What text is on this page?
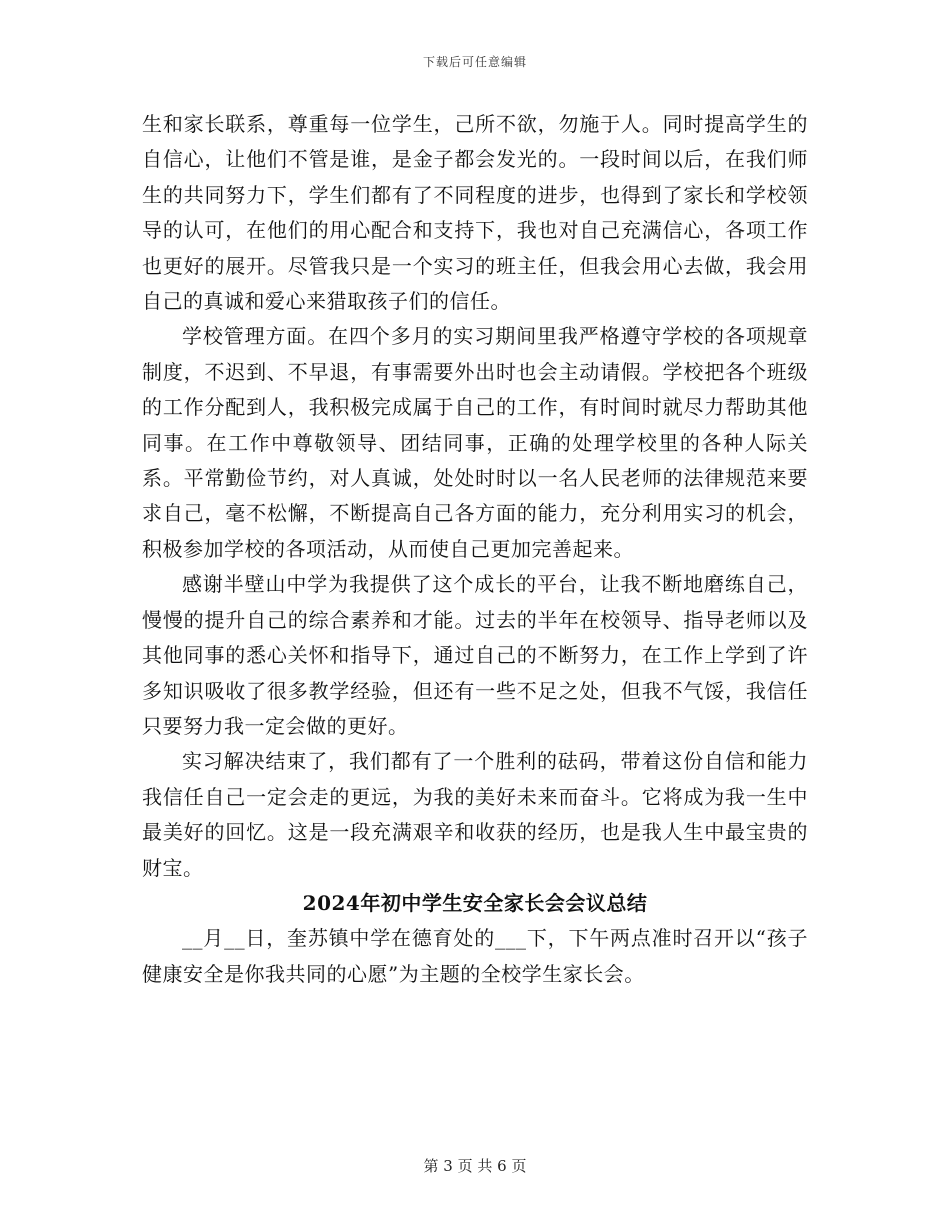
下载后可任意编辑

生和家长联系，尊重每一位学生，己所不欲，勿施于人。同时提高学生的自信心，让他们不管是谁，是金子都会发光的。一段时间以后，在我们师生的共同努力下，学生们都有了不同程度的进步，也得到了家长和学校领导的认可，在他们的用心配合和支持下，我也对自己充满信心，各项工作也更好的展开。尽管我只是一个实习的班主任，但我会用心去做，我会用自己的真诚和爱心来猎取孩子们的信任。

学校管理方面。在四个多月的实习期间里我严格遵守学校的各项规章制度，不迟到、不早退，有事需要外出时也会主动请假。学校把各个班级的工作分配到人，我积极完成属于自己的工作，有时间时就尽力帮助其他同事。在工作中尊敬领导、团结同事，正确的处理学校里的各种人际关系。平常勤俭节约，对人真诚，处处时时以一名人民老师的法律规范来要求自己，毫不松懈，不断提高自己各方面的能力，充分利用实习的机会，积极参加学校的各项活动，从而使自己更加完善起来。

感谢半壁山中学为我提供了这个成长的平台，让我不断地磨练自己，慢慢的提升自己的综合素养和才能。过去的半年在校领导、指导老师以及其他同事的悉心关怀和指导下，通过自己的不断努力，在工作上学到了许多知识吸收了很多教学经验，但还有一些不足之处，但我不气馁，我信任只要努力我一定会做的更好。

实习解决结束了，我们都有了一个胜利的砝码，带着这份自信和能力我信任自己一定会走的更远，为我的美好未来而奋斗。它将成为我一生中最美好的回忆。这是一段充满艰辛和收获的经历，也是我人生中最宝贵的财宝。

2024年初中学生安全家长会会议总结

__月__日，奎苏镇中学在德育处的___下，下午两点准时召开以“孩子健康安全是你我共同的心愿”为主题的全校学生家长会。

第 3 页 共 6 页
